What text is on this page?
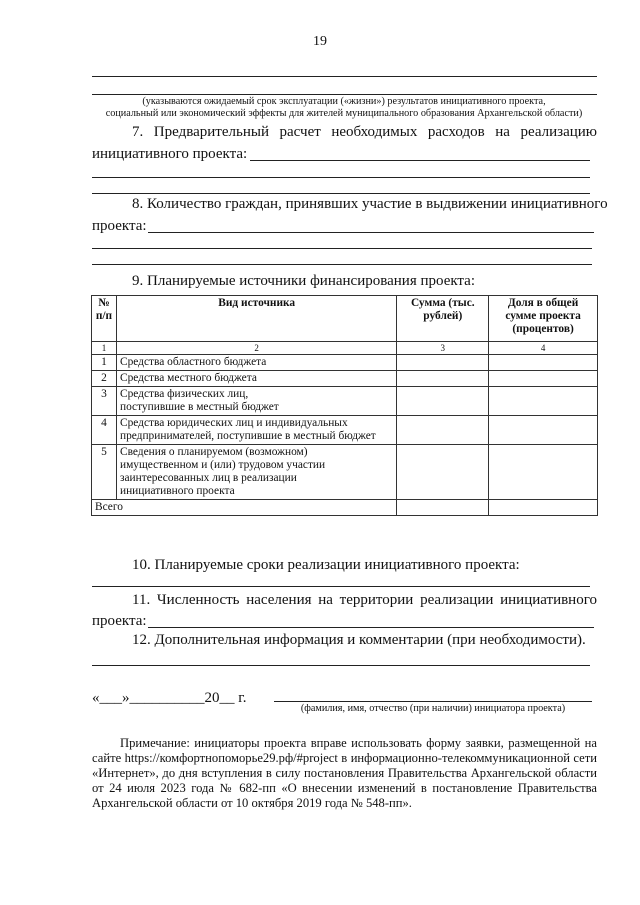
19
(указываются ожидаемый срок эксплуатации («жизни») результатов инициативного проекта,
социальный или экономический эффекты для жителей муниципального образования Архангельской области)
7. Предварительный расчет необходимых расходов на реализацию
инициативного проекта:
8. Количество граждан, принявших участие в выдвижении инициативного
проекта:
9. Планируемые источники финансирования проекта:
№ п/п	Вид источника	Сумма (тыс. рублей)	Доля в общей сумме проекта (процентов)
1	2	3	4
1	Средства областного бюджета		
2	Средства местного бюджета		
3	Средства физических лиц, поступившие в местный бюджет		
4	Средства юридических лиц и индивидуальных предпринимателей, поступившие в местный бюджет		
5	Сведения о планируемом (возможном) имущественном и (или) трудовом участии заинтересованных лиц в реализации инициативного проекта		
Всего			
10. Планируемые сроки реализации инициативного проекта:
11. Численность населения на территории реализации инициативного
проекта:
12. Дополнительная информация и комментарии (при необходимости).
«___»__________20__ г.
(фамилия, имя, отчество (при наличии) инициатора проекта)
Примечание: инициаторы проекта вправе использовать форму заявки, размещенной на сайте https://комфортнопоморье29.рф/#project в информационно-телекоммуникационной сети «Интернет», до дня вступления в силу постановления Правительства Архангельской области от 24 июля 2023 года № 682-пп «О внесении изменений в постановление Правительства Архангельской области от 10 октября 2019 года № 548-пп».
